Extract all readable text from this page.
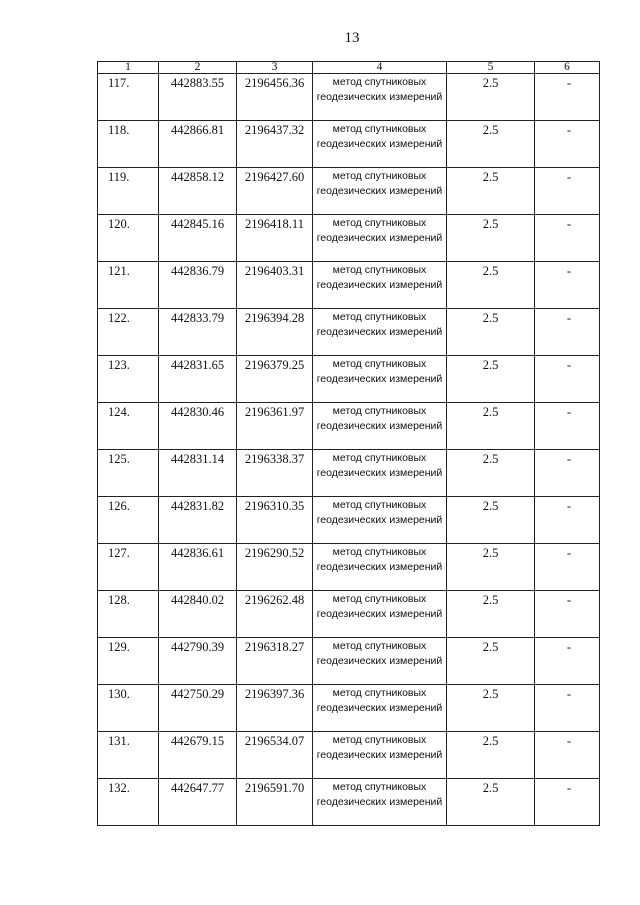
13
1	2	3	4	5	6
117.	442883.55	2196456.36	метод спутниковых геодезических измерений	2.5	-
118.	442866.81	2196437.32	метод спутниковых геодезических измерений	2.5	-
119.	442858.12	2196427.60	метод спутниковых геодезических измерений	2.5	-
120.	442845.16	2196418.11	метод спутниковых геодезических измерений	2.5	-
121.	442836.79	2196403.31	метод спутниковых геодезических измерений	2.5	-
122.	442833.79	2196394.28	метод спутниковых геодезических измерений	2.5	-
123.	442831.65	2196379.25	метод спутниковых геодезических измерений	2.5	-
124.	442830.46	2196361.97	метод спутниковых геодезических измерений	2.5	-
125.	442831.14	2196338.37	метод спутниковых геодезических измерений	2.5	-
126.	442831.82	2196310.35	метод спутниковых геодезических измерений	2.5	-
127.	442836.61	2196290.52	метод спутниковых геодезических измерений	2.5	-
128.	442840.02	2196262.48	метод спутниковых геодезических измерений	2.5	-
129.	442790.39	2196318.27	метод спутниковых геодезических измерений	2.5	-
130.	442750.29	2196397.36	метод спутниковых геодезических измерений	2.5	-
131.	442679.15	2196534.07	метод спутниковых геодезических измерений	2.5	-
132.	442647.77	2196591.70	метод спутниковых геодезических измерений	2.5	-
